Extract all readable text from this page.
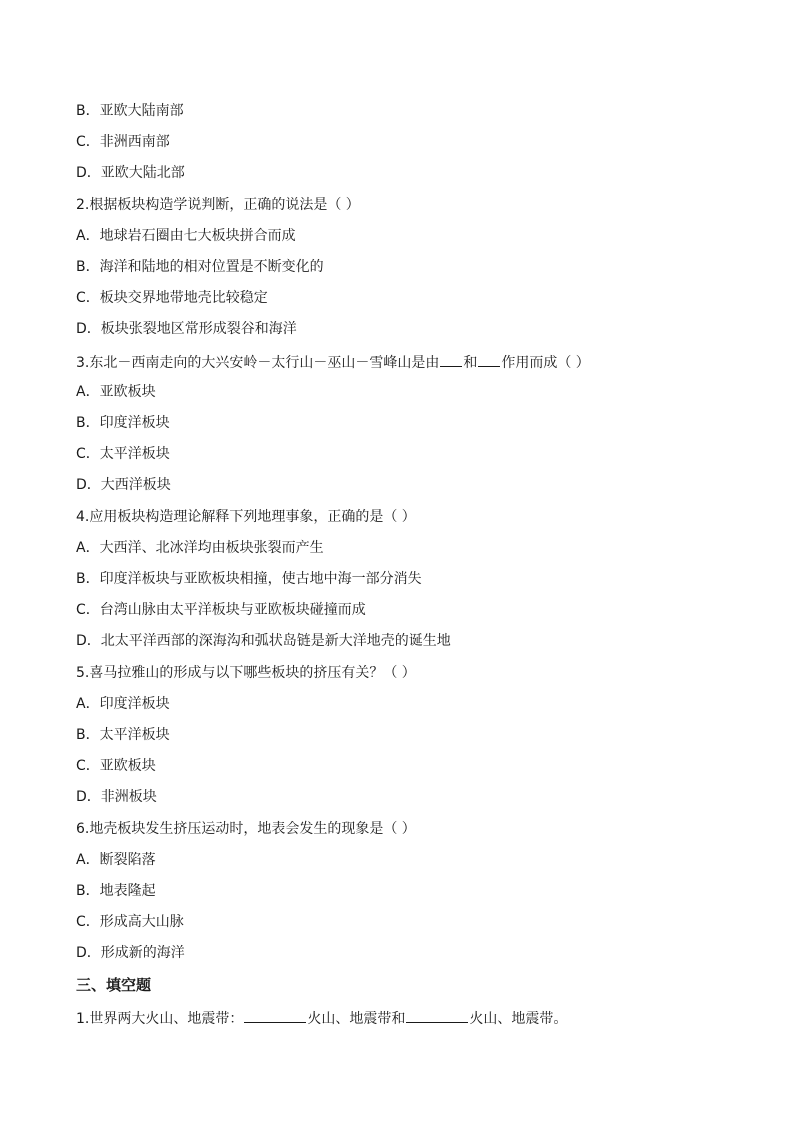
B．亚欧大陆南部
C．非洲西南部
D．亚欧大陆北部
2.根据板块构造学说判断，正确的说法是（ ）
A．地球岩石圈由七大板块拼合而成
B．海洋和陆地的相对位置是不断变化的
C．板块交界地带地壳比较稳定
D．板块张裂地区常形成裂谷和海洋
3.东北－西南走向的大兴安岭－太行山－巫山－雪峰山是由 和 作用而成（ ）
A．亚欧板块
B．印度洋板块
C．太平洋板块
D．大西洋板块
4.应用板块构造理论解释下列地理事象，正确的是（ ）
A．大西洋、北冰洋均由板块张裂而产生
B．印度洋板块与亚欧板块相撞，使古地中海一部分消失
C．台湾山脉由太平洋板块与亚欧板块碰撞而成
D．北太平洋西部的深海沟和弧状岛链是新大洋地壳的诞生地
5.喜马拉雅山的形成与以下哪些板块的挤压有关？（ ）
A．印度洋板块
B．太平洋板块
C．亚欧板块
D．非洲板块
6.地壳板块发生挤压运动时，地表会发生的现象是（ ）
A．断裂陷落
B．地表隆起
C．形成高大山脉
D．形成新的海洋
三、填空题
1.世界两大火山、地震带：	火山、地震带和	火山、地震带。
